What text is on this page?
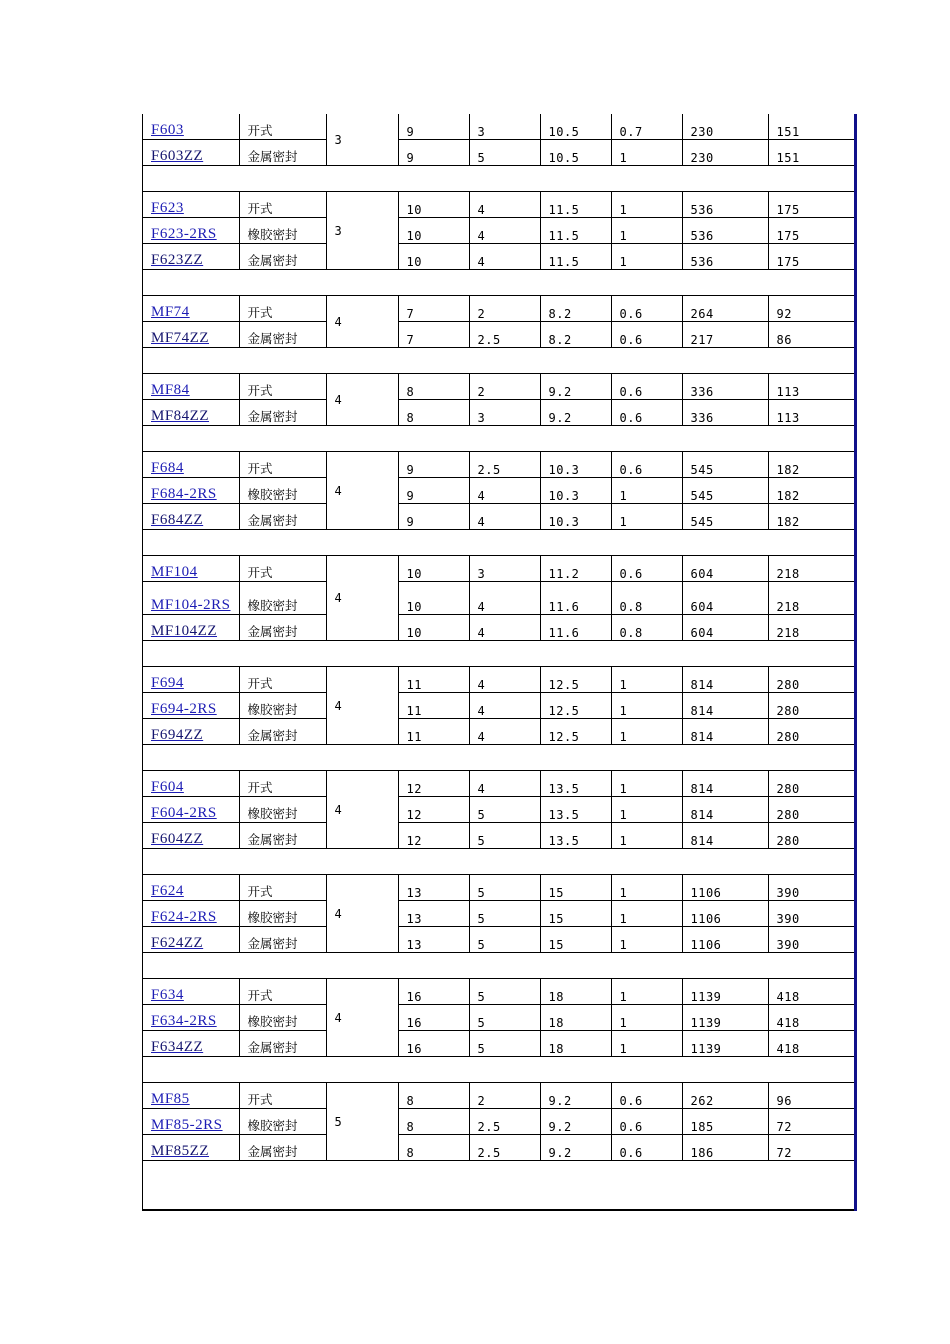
F603	开式	3	9	3	10.5	0.7	230	151
F603ZZ	金属密封		9	5	10.5	1	230	151

F623	开式	3	10	4	11.5	1	536	175
F623-2RS	橡胶密封		10	4	11.5	1	536	175
F623ZZ	金属密封		10	4	11.5	1	536	175

MF74	开式	4	7	2	8.2	0.6	264	92
MF74ZZ	金属密封		7	2.5	8.2	0.6	217	86

MF84	开式	4	8	2	9.2	0.6	336	113
MF84ZZ	金属密封		8	3	9.2	0.6	336	113

F684	开式	4	9	2.5	10.3	0.6	545	182
F684-2RS	橡胶密封		9	4	10.3	1	545	182
F684ZZ	金属密封		9	4	10.3	1	545	182

MF104	开式	4	10	3	11.2	0.6	604	218
MF104-2RS	橡胶密封		10	4	11.6	0.8	604	218
MF104ZZ	金属密封		10	4	11.6	0.8	604	218

F694	开式	4	11	4	12.5	1	814	280
F694-2RS	橡胶密封		11	4	12.5	1	814	280
F694ZZ	金属密封		11	4	12.5	1	814	280

F604	开式	4	12	4	13.5	1	814	280
F604-2RS	橡胶密封		12	5	13.5	1	814	280
F604ZZ	金属密封		12	5	13.5	1	814	280

F624	开式	4	13	5	15	1	1106	390
F624-2RS	橡胶密封		13	5	15	1	1106	390
F624ZZ	金属密封		13	5	15	1	1106	390

F634	开式	4	16	5	18	1	1139	418
F634-2RS	橡胶密封		16	5	18	1	1139	418
F634ZZ	金属密封		16	5	18	1	1139	418

MF85	开式	5	8	2	9.2	0.6	262	96
MF85-2RS	橡胶密封		8	2.5	9.2	0.6	185	72
MF85ZZ	金属密封		8	2.5	9.2	0.6	186	72
